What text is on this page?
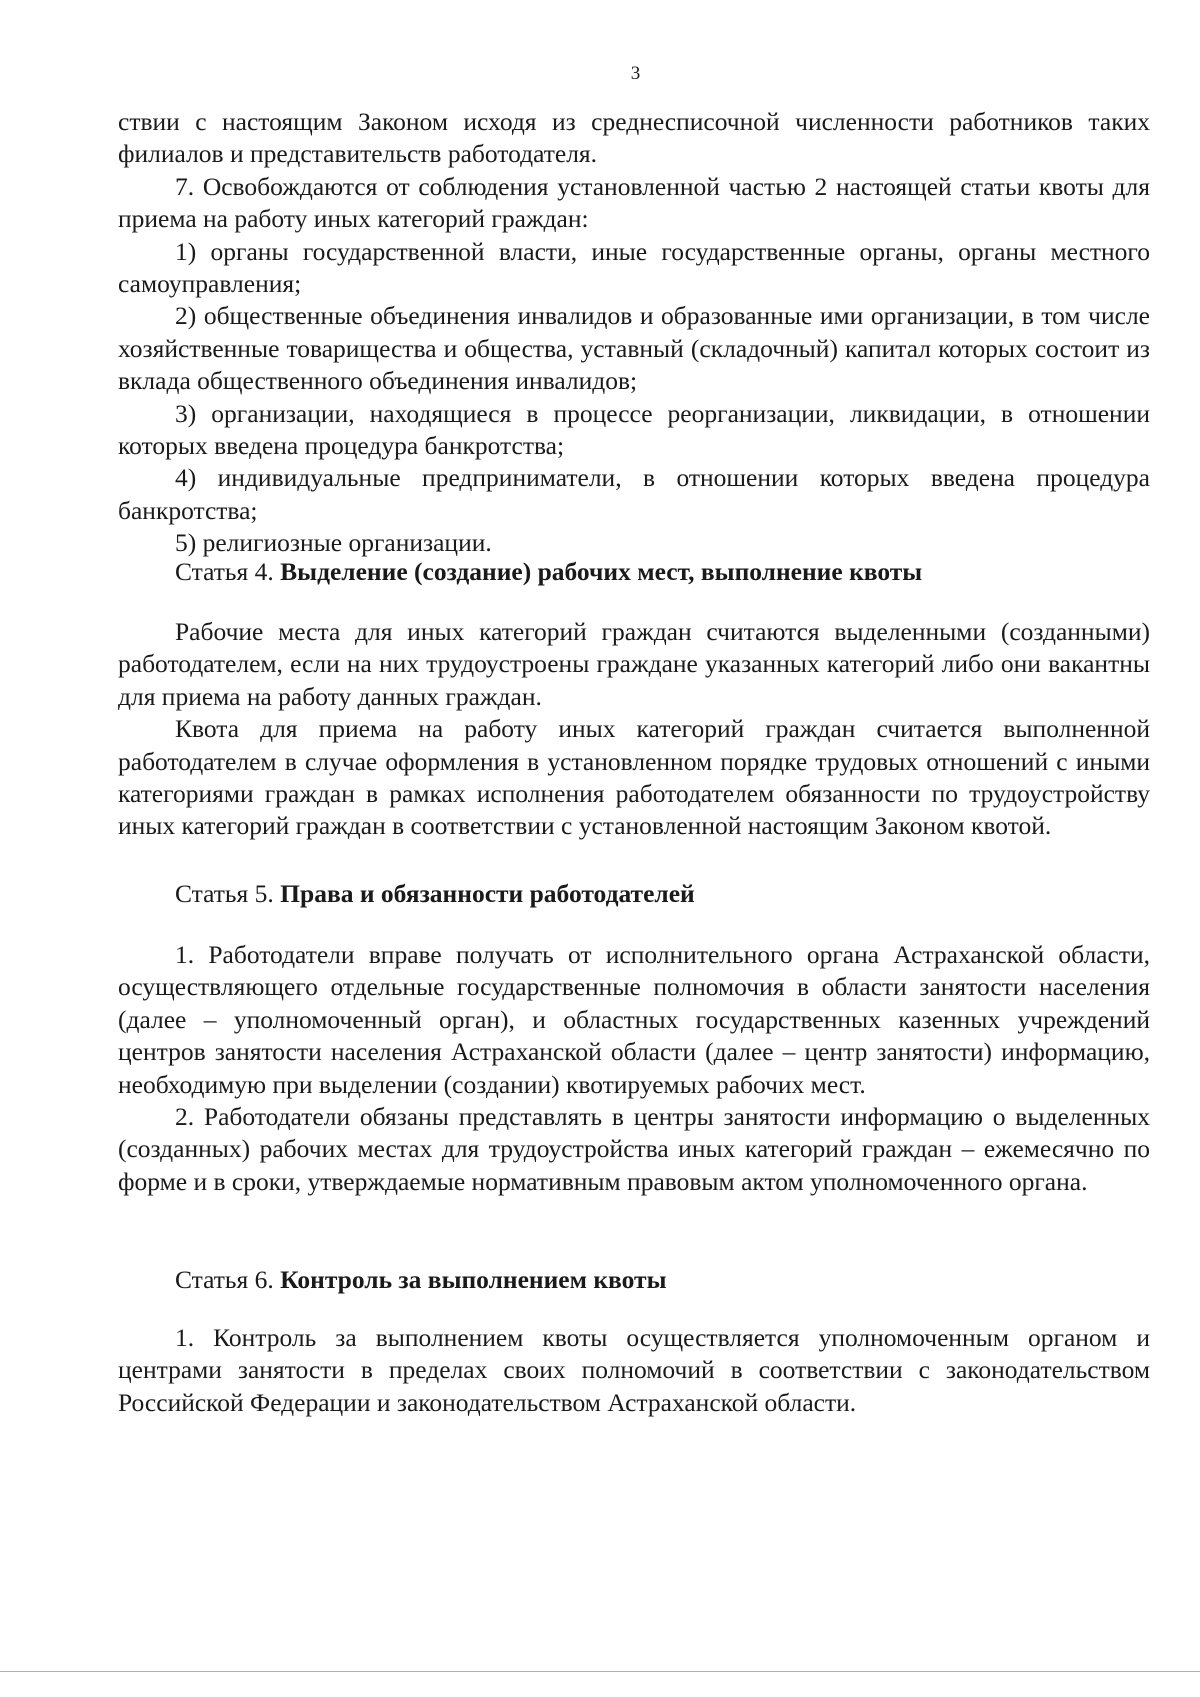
3

ствии с настоящим Законом исходя из среднесписочной численности работников таких филиалов и представительств работодателя.

7. Освобождаются от соблюдения установленной частью 2 настоящей статьи квоты для приема на работу иных категорий граждан:

1) органы государственной власти, иные государственные органы, органы местного самоуправления;

2) общественные объединения инвалидов и образованные ими организации, в том числе хозяйственные товарищества и общества, уставный (складочный) капитал которых состоит из вклада общественного объединения инвалидов;

3) организации, находящиеся в процессе реорганизации, ликвидации, в отношении которых введена процедура банкротства;

4) индивидуальные предприниматели, в отношении которых введена процедура банкротства;

5) религиозные организации.

Статья 4. Выделение (создание) рабочих мест, выполнение квоты

Рабочие места для иных категорий граждан считаются выделенными (созданными) работодателем, если на них трудоустроены граждане указанных категорий либо они вакантны для приема на работу данных граждан.

Квота для приема на работу иных категорий граждан считается выполненной работодателем в случае оформления в установленном порядке трудовых отношений с иными категориями граждан в рамках исполнения работодателем обязанности по трудоустройству иных категорий граждан в соответствии с установленной настоящим Законом квотой.

Статья 5. Права и обязанности работодателей

1. Работодатели вправе получать от исполнительного органа Астраханской области, осуществляющего отдельные государственные полномочия в области занятости населения (далее – уполномоченный орган), и областных государственных казенных учреждений центров занятости населения Астраханской области (далее – центр занятости) информацию, необходимую при выделении (создании) квотируемых рабочих мест.

2. Работодатели обязаны представлять в центры занятости информацию о выделенных (созданных) рабочих местах для трудоустройства иных категорий граждан – ежемесячно по форме и в сроки, утверждаемые нормативным правовым актом уполномоченного органа.

Статья 6. Контроль за выполнением квоты

1. Контроль за выполнением квоты осуществляется уполномоченным органом и центрами занятости в пределах своих полномочий в соответствии с законодательством Российской Федерации и законодательством Астраханской области.
